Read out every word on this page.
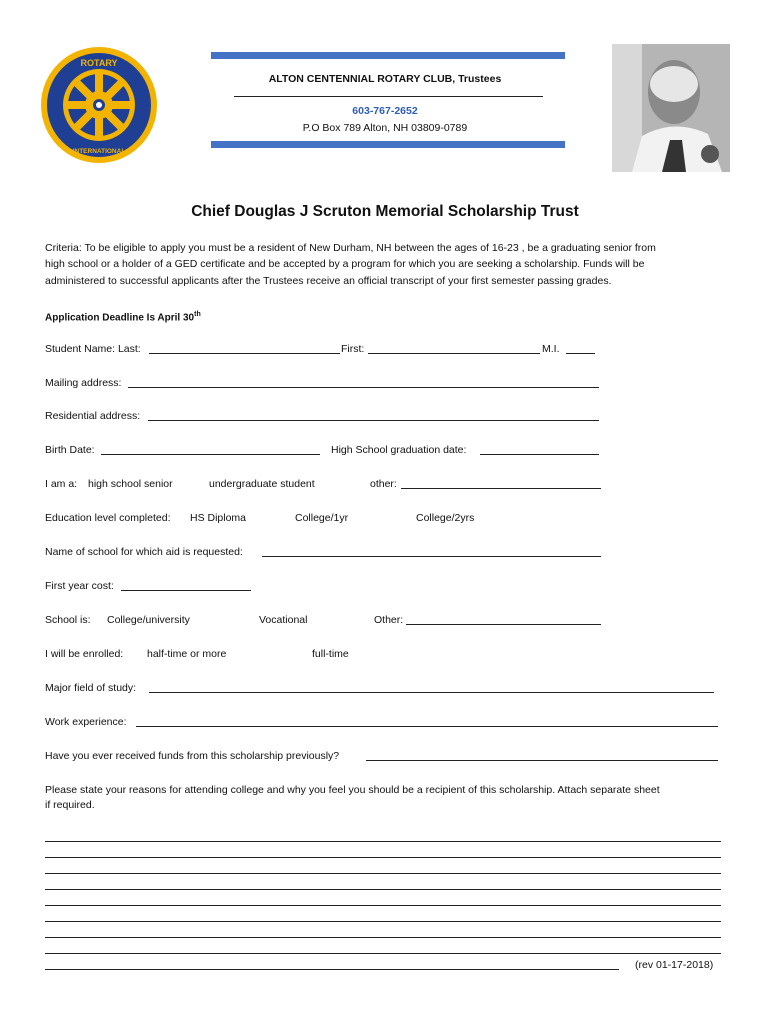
ROTARY
INTERNATIONAL
ALTON CENTENNIAL ROTARY CLUB, Trustees
603-767-2652
P.O Box 789 Alton, NH 03809-0789
Chief Douglas J Scruton Memorial Scholarship Trust
Criteria: To be eligible to apply you must be a resident of New Durham, NH between the ages of 16-23 , be a graduating senior from
high school or a holder of a GED certificate and be accepted by a program for which you are seeking a scholarship. Funds will be
administered to successful applicants after the Trustees receive an official transcript of your first semester passing grades.
Application Deadline Is April 30th
Student Name: Last:	First:	M.I.
Mailing address:
Residential address:
Birth Date:	High School graduation date:
I am a: high school senior	undergraduate student	other:
Education level completed: HS Diploma	College/1yr	College/2yrs
Name of school for which aid is requested:
First year cost:
School is: College/university	Vocational	Other:
I will be enrolled: half-time or more	full-time
Major field of study:
Work experience:
Have you ever received funds from this scholarship previously?
Please state your reasons for attending college and why you feel you should be a recipient of this scholarship. Attach separate sheet
if required.
(rev 01-17-2018)
